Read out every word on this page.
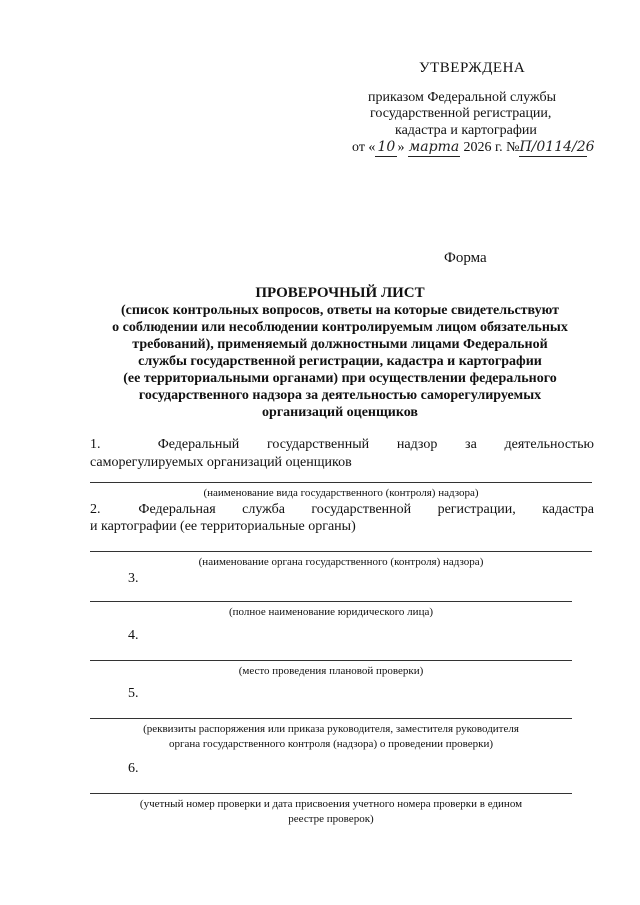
УТВЕРЖДЕНА
приказом Федеральной службы
государственной регистрации,
кадастра и картографии
от « 10 » марта 2026 г. №П/0114/26
Форма
ПРОВЕРОЧНЫЙ ЛИСТ
(список контрольных вопросов, ответы на которые свидетельствуют
о соблюдении или несоблюдении контролируемым лицом обязательных
требований), применяемый должностными лицами Федеральной
службы государственной регистрации, кадастра и картографии
(ее территориальными органами) при осуществлении федерального
государственного надзора за деятельностью саморегулируемых
организаций оценщиков
1.	Федеральный государственный надзор за деятельностью
саморегулируемых организаций оценщиков
(наименование вида государственного (контроля) надзора)
2.	Федеральная служба государственной регистрации, кадастра
и картографии (ее территориальные органы)
(наименование органа государственного (контроля) надзора)
3.
(полное наименование юридического лица)
4.
(место проведения плановой проверки)
5.
(реквизиты распоряжения или приказа руководителя, заместителя руководителя
органа государственного контроля (надзора) о проведении проверки)
6.
(учетный номер проверки и дата присвоения учетного номера проверки в едином
реестре проверок)
